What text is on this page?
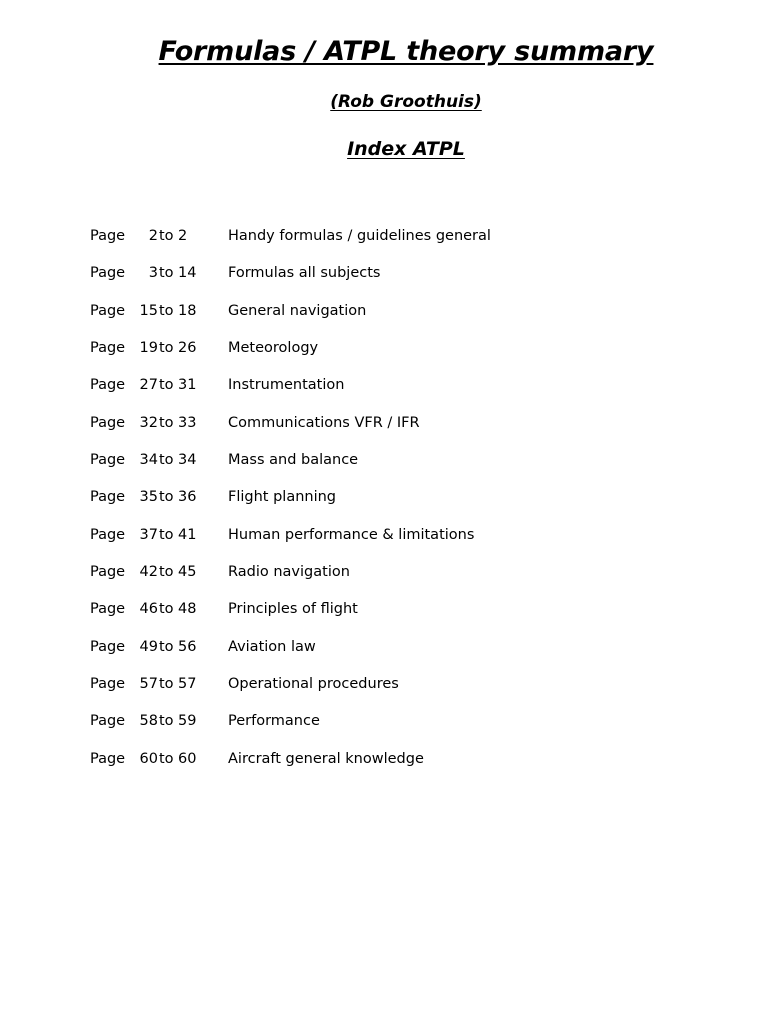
Formulas / ATPL theory summary
(Rob Groothuis)
Index ATPL
Page	2 to 2	Handy formulas / guidelines general
Page	3 to 14 Formulas all subjects
Page 15 to 18 General navigation
Page 19 to 26 Meteorology
Page 27 to 31 Instrumentation
Page 32 to 33 Communications VFR / IFR
Page 34 to 34 Mass and balance
Page 35 to 36 Flight planning
Page 37 to 41 Human performance & limitations
Page 42 to 45 Radio navigation
Page 46 to 48 Principles of flight
Page 49 to 56 Aviation law
Page 57 to 57 Operational procedures
Page 58 to 59 Performance
Page 60 to 60 Aircraft general knowledge
